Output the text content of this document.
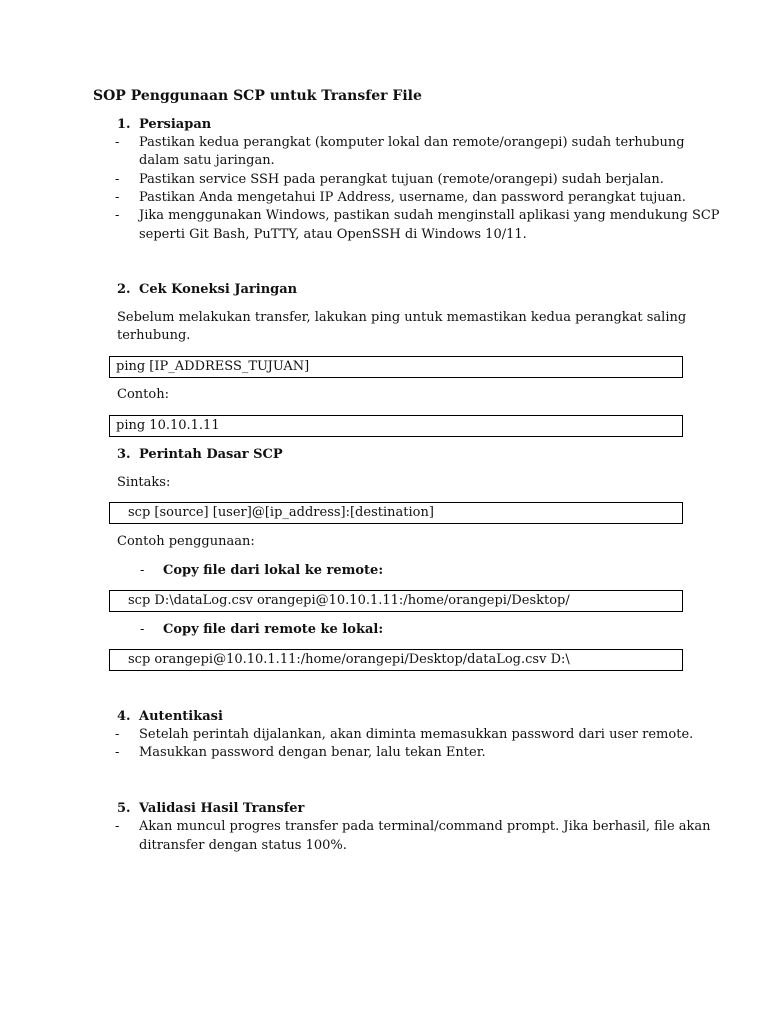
SOP Penggunaan SCP untuk Transfer File
1. Persiapan
- Pastikan kedua perangkat (komputer lokal dan remote/orangepi) sudah terhubung
dalam satu jaringan.
- Pastikan service SSH pada perangkat tujuan (remote/orangepi) sudah berjalan.
- Pastikan Anda mengetahui IP Address, username, dan password perangkat tujuan.
- Jika menggunakan Windows, pastikan sudah menginstall aplikasi yang mendukung SCP
seperti Git Bash, PuTTY, atau OpenSSH di Windows 10/11.
2. Cek Koneksi Jaringan
Sebelum melakukan transfer, lakukan ping untuk memastikan kedua perangkat saling
terhubung.
ping [IP_ADDRESS_TUJUAN]
Contoh:
ping 10.10.1.11
3. Perintah Dasar SCP
Sintaks:
scp [source] [user]@[ip_address]:[destination]
Contoh penggunaan:
- Copy file dari lokal ke remote:
scp D:\dataLog.csv orangepi@10.10.1.11:/home/orangepi/Desktop/
- Copy file dari remote ke lokal:
scp orangepi@10.10.1.11:/home/orangepi/Desktop/dataLog.csv D:\
4. Autentikasi
- Setelah perintah dijalankan, akan diminta memasukkan password dari user remote.
- Masukkan password dengan benar, lalu tekan Enter.
5. Validasi Hasil Transfer
- Akan muncul progres transfer pada terminal/command prompt. Jika berhasil, file akan
ditransfer dengan status 100%.
